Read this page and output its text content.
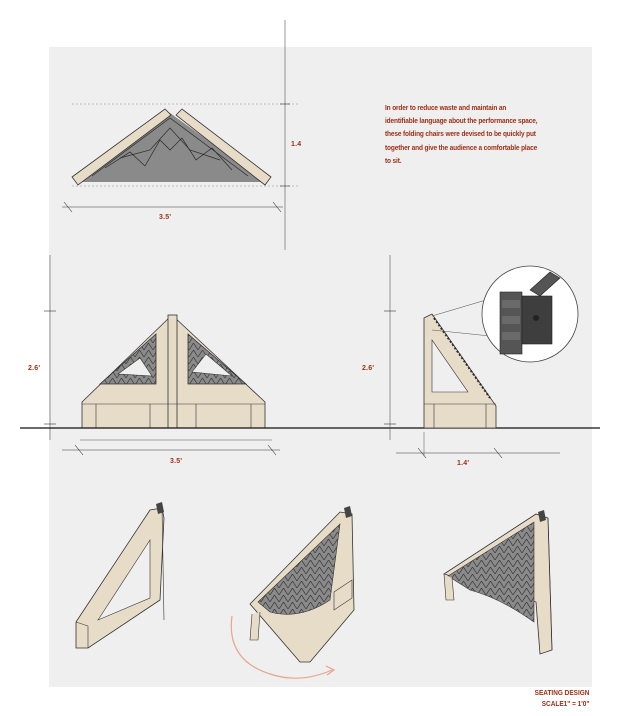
In order to reduce waste and maintain an identifiable language about the performance space, these folding chairs were devised to be quickly put together and give the audience a comfortable place to sit.
3.5'
1.4
2.6'
3.5'
2.6'
1.4'
SEATING DESIGN
SCALE1" = 1'0"
